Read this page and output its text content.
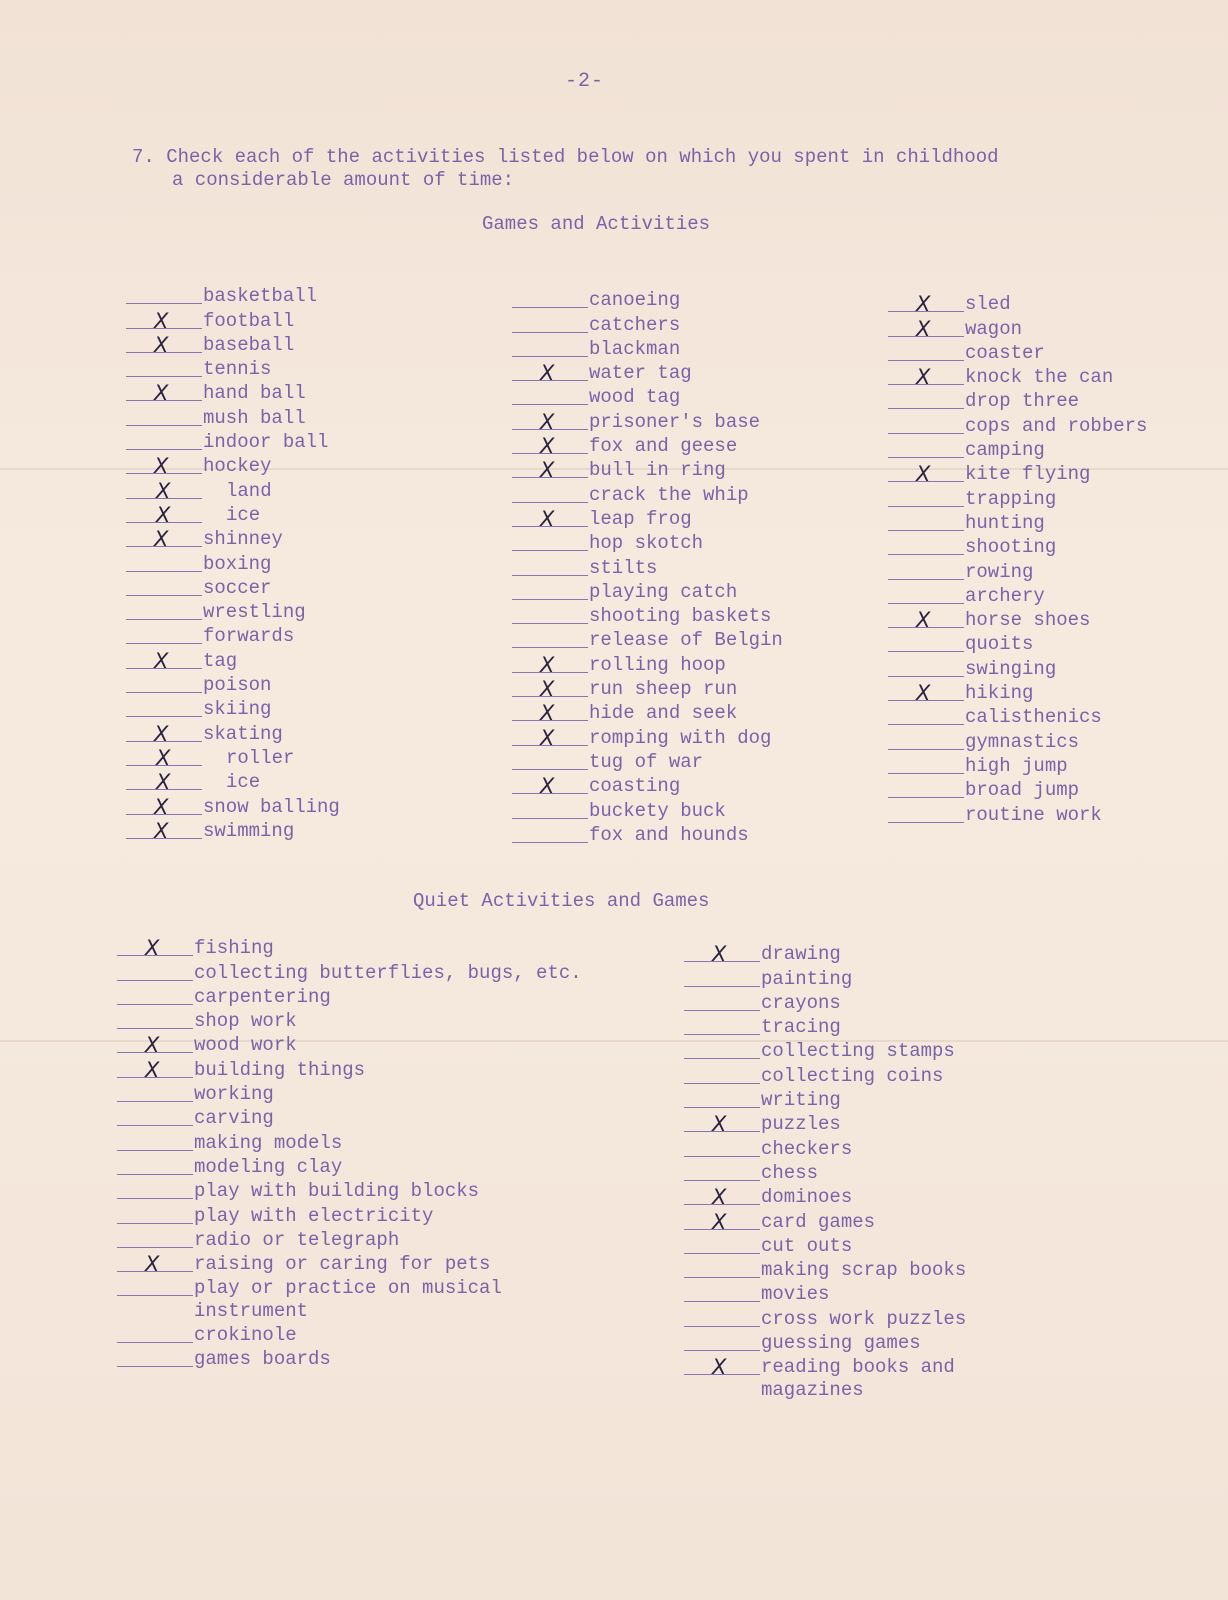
-2-
7. Check each of the activities listed below on which you spent in childhood
a considerable amount of time:
Games and Activities
basketball
X football
X baseball
tennis
X hand ball
mush ball
indoor ball
X hockey
X	land
X	ice
X shinney
boxing
soccer
wrestling
forwards
X tag
poison
skiing
X skating
X	roller
X	ice
X snow balling
X swimming
canoeing
catchers
blackman
X water tag
wood tag
X prisoner's base
X fox and geese
X bull in ring
crack the whip
X leap frog
hop skotch
stilts
playing catch
shooting baskets
release of Belgin
X rolling hoop
X run sheep run
X hide and seek
X romping with dog
tug of war
X coasting
buckety buck
fox and hounds
X sled
X wagon
coaster
X knock the can
drop three
cops and robbers
camping
X kite flying
trapping
hunting
shooting
rowing
archery
X horse shoes
quoits
swinging
X hiking
calisthenics
gymnastics
high jump
broad jump
routine work
Quiet Activities and Games
X fishing
collecting butterflies, bugs, etc.
carpentering
shop work
X wood work
X building things
working
carving
making models
modeling clay
play with building blocks
play with electricity
radio or telegraph
X raising or caring for pets
play or practice on musical
instrument
crokinole
games boards
X drawing
painting
crayons
tracing
collecting stamps
collecting coins
writing
X puzzles
checkers
chess
X dominoes
X card games
cut outs
making scrap books
movies
cross work puzzles
guessing games
X reading books and
magazines
